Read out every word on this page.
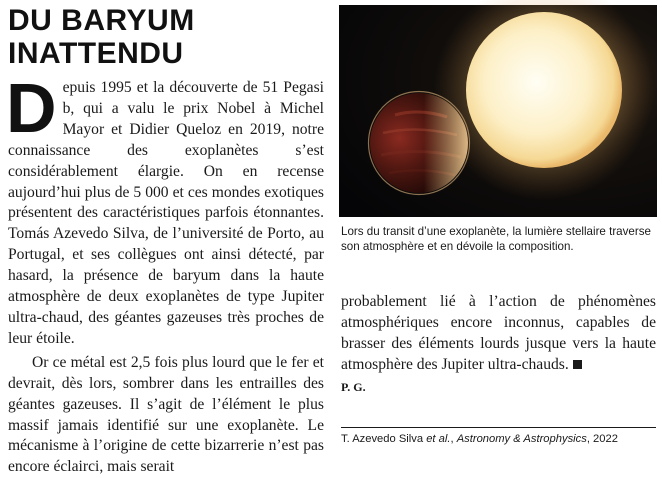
DU BARYUM
INATTENDU

Depuis 1995 et la découverte de 51 Pegasi b, qui a valu le prix Nobel à Michel Mayor et Didier Queloz en 2019, notre connaissance des exoplanètes s’est considérablement élargie. On en recense aujourd’hui plus de 5 000 et ces mondes exotiques présentent des caractéristiques parfois étonnantes. Tomás Azevedo Silva, de l’université de Porto, au Portugal, et ses collègues ont ainsi détecté, par hasard, la présence de baryum dans la haute atmosphère de deux exoplanètes de type Jupiter ultra-chaud, des géantes gazeuses très proches de leur étoile.

Or ce métal est 2,5 fois plus lourd que le fer et devrait, dès lors, sombrer dans les entrailles des géantes gazeuses. Il s’agit de l’élément le plus massif jamais identifié sur une exoplanète. Le mécanisme à l’origine de cette bizarrerie n’est pas encore éclairci, mais serait

Lors du transit d’une exoplanète, la lumière stellaire traverse son atmosphère et en dévoile la composition.
probablement lié à l’action de phénomènes atmosphériques encore inconnus, capables de brasser des éléments lourds jusque vers la haute atmosphère des Jupiter ultra-chauds.
P. G.
T. Azevedo Silva et al., Astronomy & Astrophysics, 2022
